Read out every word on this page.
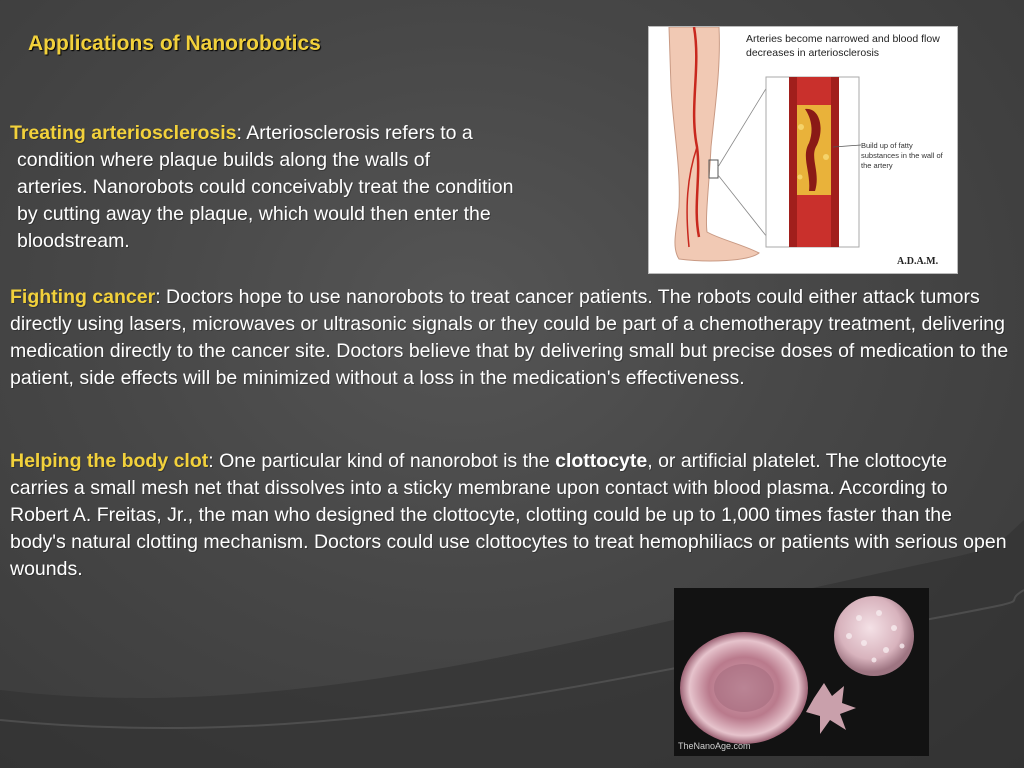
Applications of Nanorobotics
Treating arteriosclerosis: Arteriosclerosis refers to a
condition where plaque builds along the walls of
arteries. Nanorobots could conceivably treat the condition
by cutting away the plaque, which would then enter the
bloodstream.
Fighting cancer: Doctors hope to use nanorobots to treat cancer patients. The robots could either attack tumors directly using lasers, microwaves or ultrasonic signals or they could be part of a chemotherapy treatment, delivering medication directly to the cancer site. Doctors believe that by delivering small but precise doses of medication to the patient, side effects will be minimized without a loss in the medication's effectiveness.
Helping the body clot: One particular kind of nanorobot is the clottocyte, or artificial platelet. The clottocyte carries a small mesh net that dissolves into a sticky membrane upon contact with blood plasma. According to Robert A. Freitas, Jr., the man who designed the clottocyte, clotting could be up to 1,000 times faster than the body's natural clotting mechanism. Doctors could use clottocytes to treat hemophiliacs or patients with serious open wounds.
Arteries become narrowed and blood flow decreases in arteriosclerosis
Build up of fatty substances in the wall of the artery
A.D.A.M.
TheNanoAge.com
